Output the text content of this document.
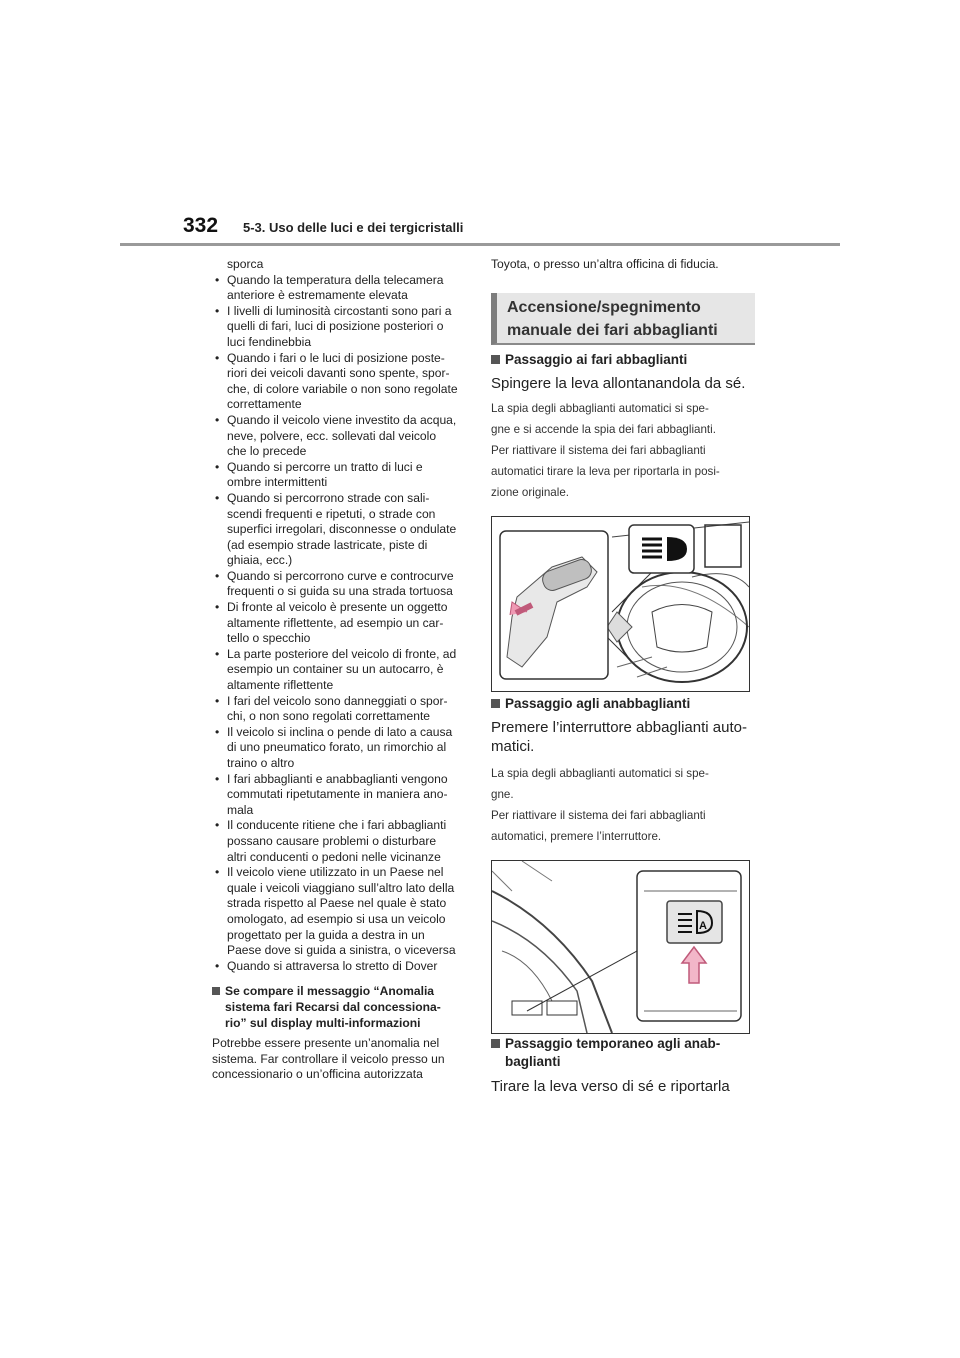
332 5-3. Uso delle luci e dei tergicristalli
sporca
• Quando la temperatura della telecamera
anteriore è estremamente elevata
• I livelli di luminosità circostanti sono pari a
quelli di fari, luci di posizione posteriori o
luci fendinebbia
• Quando i fari o le luci di posizione poste-
riori dei veicoli davanti sono spente, spor-
che, di colore variabile o non sono regolate
correttamente
• Quando il veicolo viene investito da acqua,
neve, polvere, ecc. sollevati dal veicolo
che lo precede
• Quando si percorre un tratto di luci e
ombre intermittenti
• Quando si percorrono strade con sali-
scendi frequenti e ripetuti, o strade con
superfici irregolari, disconnesse o ondulate
(ad esempio strade lastricate, piste di
ghiaia, ecc.)
• Quando si percorrono curve e controcurve
frequenti o si guida su una strada tortuosa
• Di fronte al veicolo è presente un oggetto
altamente riflettente, ad esempio un car-
tello o specchio
• La parte posteriore del veicolo di fronte, ad
esempio un container su un autocarro, è
altamente riflettente
• I fari del veicolo sono danneggiati o spor-
chi, o non sono regolati correttamente
• Il veicolo si inclina o pende di lato a causa
di uno pneumatico forato, un rimorchio al
traino o altro
• I fari abbaglianti e anabbaglianti vengono
commutati ripetutamente in maniera ano-
mala
• Il conducente ritiene che i fari abbaglianti
possano causare problemi o disturbare
altri conducenti o pedoni nelle vicinanze
• Il veicolo viene utilizzato in un Paese nel
quale i veicoli viaggiano sull’altro lato della
strada rispetto al Paese nel quale è stato
omologato, ad esempio si usa un veicolo
progettato per la guida a destra in un
Paese dove si guida a sinistra, o viceversa
• Quando si attraversa lo stretto di Dover
Se compare il messaggio “Anomalia
sistema fari Recarsi dal concessiona-
rio” sul display multi-informazioni
Potrebbe essere presente un’anomalia nel
sistema. Far controllare il veicolo presso un
concessionario o un’officina autorizzata

Toyota, o presso un’altra officina di fiducia.

Accensione/spegnimento
manuale dei fari abbaglianti
Passaggio ai fari abbaglianti
Spingere la leva allontanandola da sé.
La spia degli abbaglianti automatici si spe-
gne e si accende la spia dei fari abbaglianti.
Per riattivare il sistema dei fari abbaglianti
automatici tirare la leva per riportarla in posi-
zione originale.
Passaggio agli anabbaglianti
Premere l’interruttore abbaglianti auto-
matici.
La spia degli abbaglianti automatici si spe-
gne.
Per riattivare il sistema dei fari abbaglianti
automatici, premere l’interruttore.
Passaggio temporaneo agli anab-
baglianti
Tirare la leva verso di sé e riportarla
A
